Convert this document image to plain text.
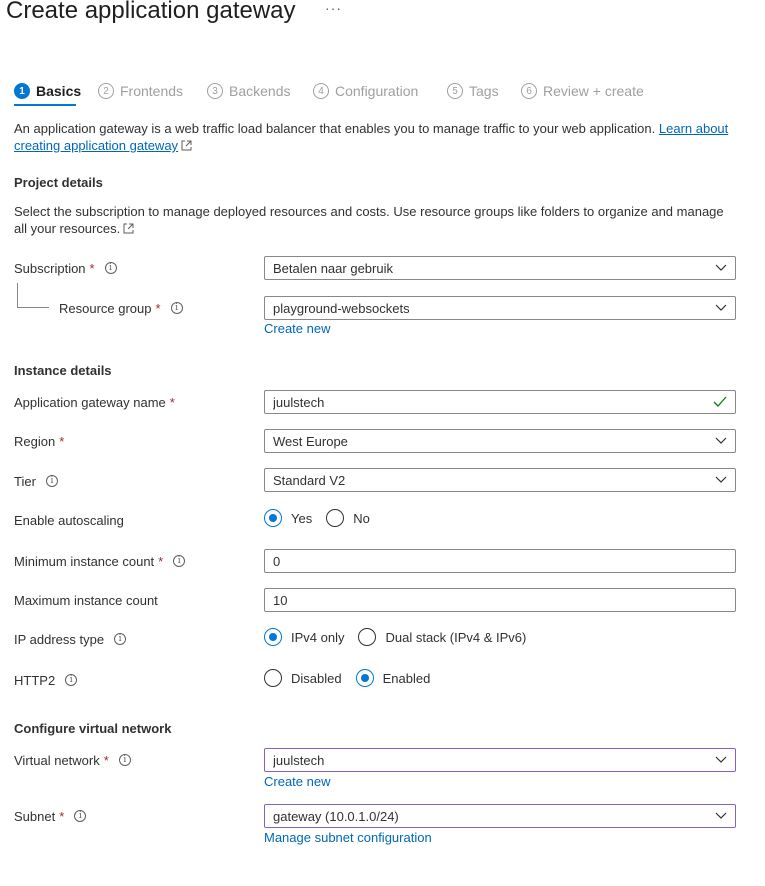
Create application gateway ···
1 Basics	2 Frontends	3 Backends	4 Configuration	5 Tags	6 Review + create
An application gateway is a web traffic load balancer that enables you to manage traffic to your web application. Learn about creating application gateway
Project details
Select the subscription to manage deployed resources and costs. Use resource groups like folders to organize and manage all your resources.
Subscription *	i	Betalen naar gebruik
Resource group *	i	playground-websockets
Create new
Instance details
Application gateway name *	juulstech
Region *	West Europe
Tier	i	Standard V2
Enable autoscaling	Yes	No
Minimum instance count *	i	0
Maximum instance count	10
IP address type	i	IPv4 only	Dual stack (IPv4 & IPv6)
HTTP2	i	Disabled	Enabled
Configure virtual network
Virtual network *	i	juulstech
Create new
Subnet *	i	gateway (10.0.1.0/24)
Manage subnet configuration
